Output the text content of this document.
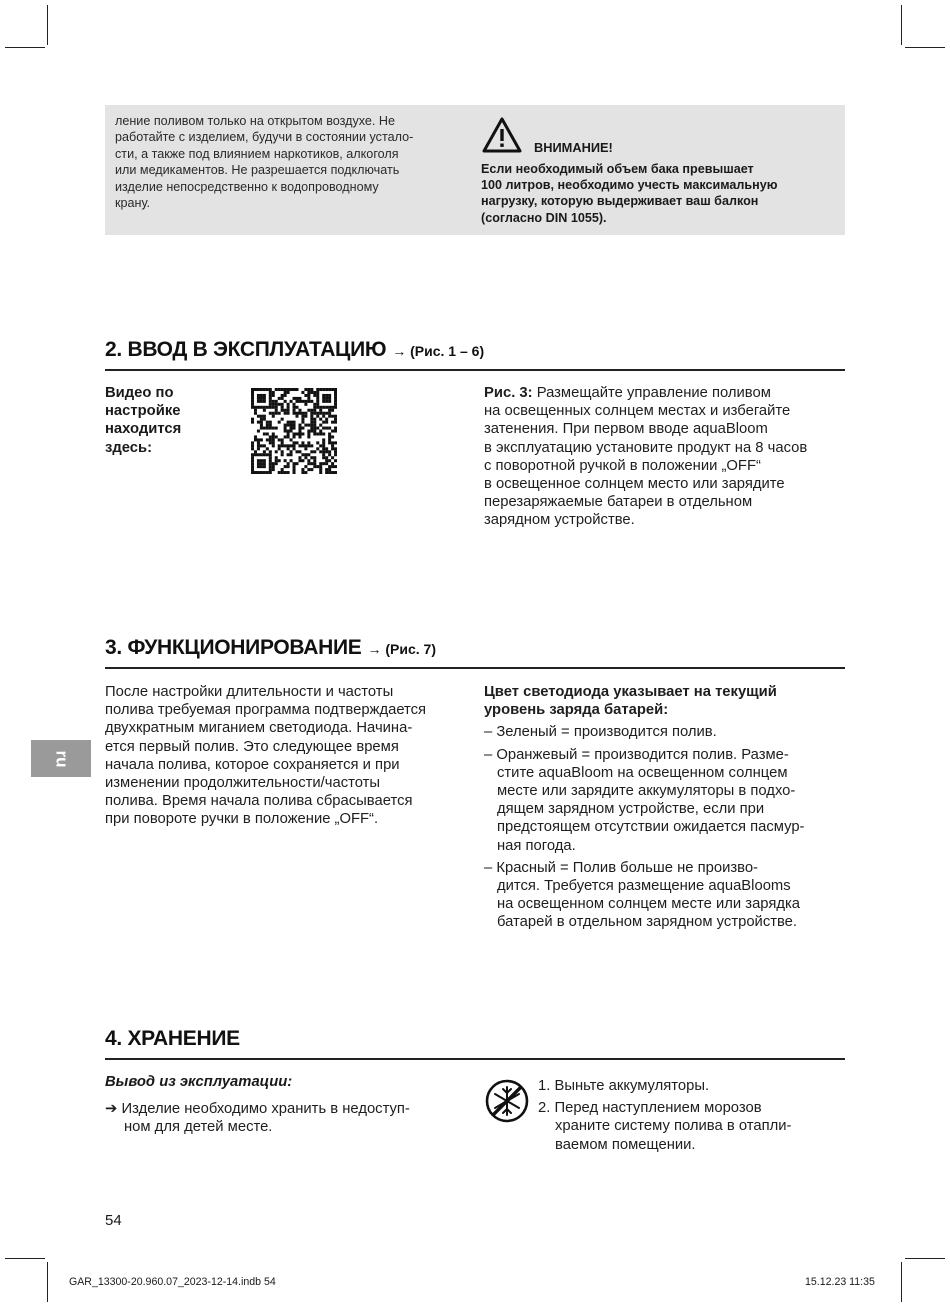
ление поливом только на открытом воздухе. Не
работайте с изделием, будучи в состоянии устало-
сти, а также под влиянием наркотиков, алкоголя
или медикаментов. Не разрешается подключать
изделие непосредственно к водопроводному
крану.
ВНИМАНИЕ!
Если необходимый объем бака превышает
100 литров, необходимо учесть максимальную
нагрузку, которую выдерживает ваш балкон
(согласно DIN 1055).
2. ВВОД В ЭКСПЛУАТАЦИЮ → (Рис. 1 – 6)
Видео по
настройке
находится
здесь:
Рис. 3: Размещайте управление поливом
на освещенных солнцем местах и избегайте
затенения. При первом вводе aquaBloom
в эксплуатацию установите продукт на 8 часов
с поворотной ручкой в положении „OFF“
в освещенное солнцем место или зарядите
перезаряжаемые батареи в отдельном
зарядном устройстве.
3. ФУНКЦИОНИРОВАНИЕ → (Рис. 7)
После настройки длительности и частоты
полива требуемая программа подтверждается
двухкратным миганием светодиода. Начина-
ется первый полив. Это следующее время
начала полива, которое сохраняется и при
изменении продолжительности/частоты
полива. Время начала полива сбрасывается
при повороте ручки в положение „OFF“.
Цвет светодиода указывает на текущий
уровень заряда батарей:
– Зеленый = производится полив.
– Оранжевый = производится полив. Разме-
стите aquaBloom на освещенном солнцем
месте или зарядите аккумуляторы в подхо-
дящем зарядном устройстве, если при
предстоящем отсутствии ожидается пасмур-
ная погода.
– Красный = Полив больше не произво-
дится. Требуется размещение aquaBlooms
на освещенном солнцем месте или зарядка
батарей в отдельном зарядном устройстве.
ru
4. ХРАНЕНИЕ
Вывод из эксплуатации:
➔ Изделие необходимо хранить в недоступ-
ном для детей месте.
1. Выньте аккумуляторы.
2. Перед наступлением морозов
храните систему полива в отапли-
ваемом помещении.
54
GAR_13300-20.960.07_2023-12-14.indb 54	15.12.23 11:35
